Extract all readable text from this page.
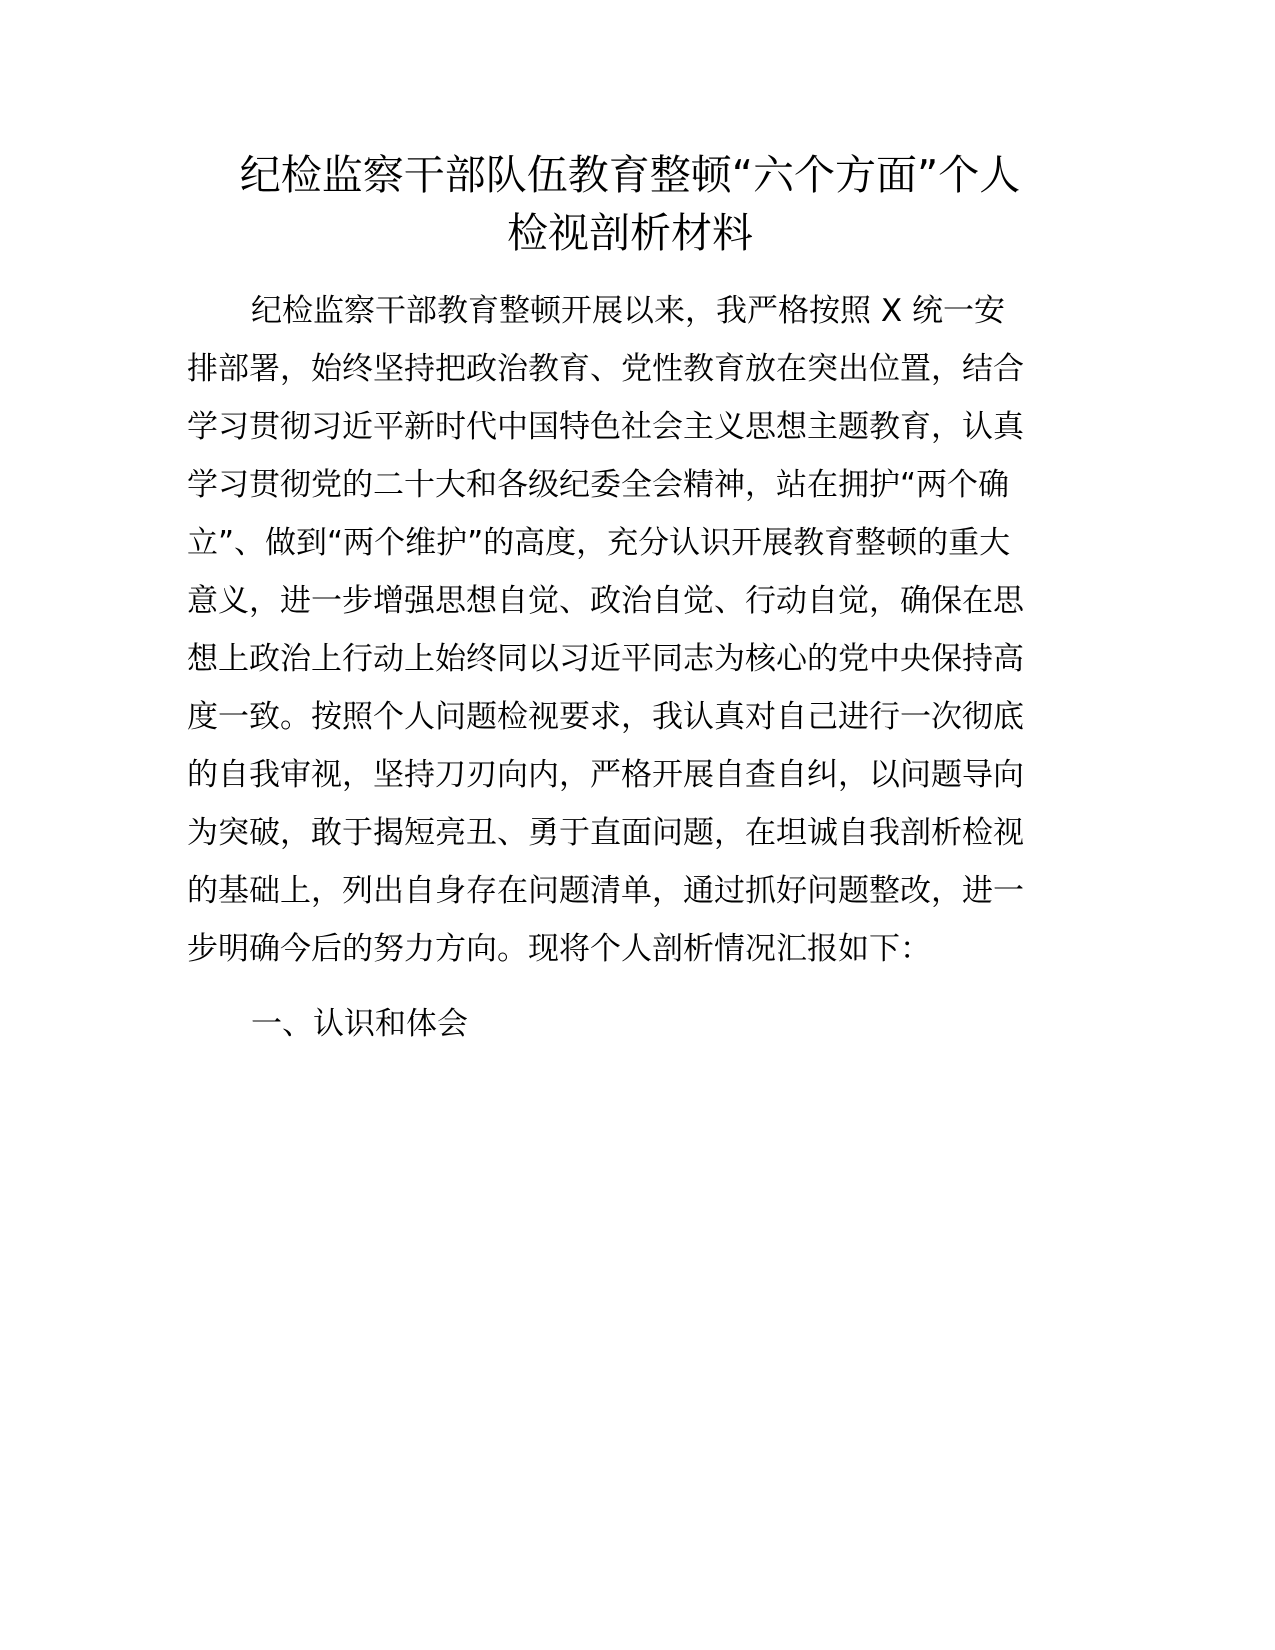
纪检监察干部队伍教育整顿“六个方面”个人
检视剖析材料
纪检监察干部教育整顿开展以来，我严格按照 X 统一安
排部署，始终坚持把政治教育、党性教育放在突出位置，结合
学习贯彻习近平新时代中国特色社会主义思想主题教育，认真
学习贯彻党的二十大和各级纪委全会精神，站在拥护“两个确
立”、做到“两个维护”的高度，充分认识开展教育整顿的重大
意义，进一步增强思想自觉、政治自觉、行动自觉，确保在思
想上政治上行动上始终同以习近平同志为核心的党中央保持高
度一致。按照个人问题检视要求，我认真对自己进行一次彻底
的自我审视，坚持刀刃向内，严格开展自查自纠，以问题导向
为突破，敢于揭短亮丑、勇于直面问题，在坦诚自我剖析检视
的基础上，列出自身存在问题清单，通过抓好问题整改，进一
步明确今后的努力方向。现将个人剖析情况汇报如下：
一、认识和体会
